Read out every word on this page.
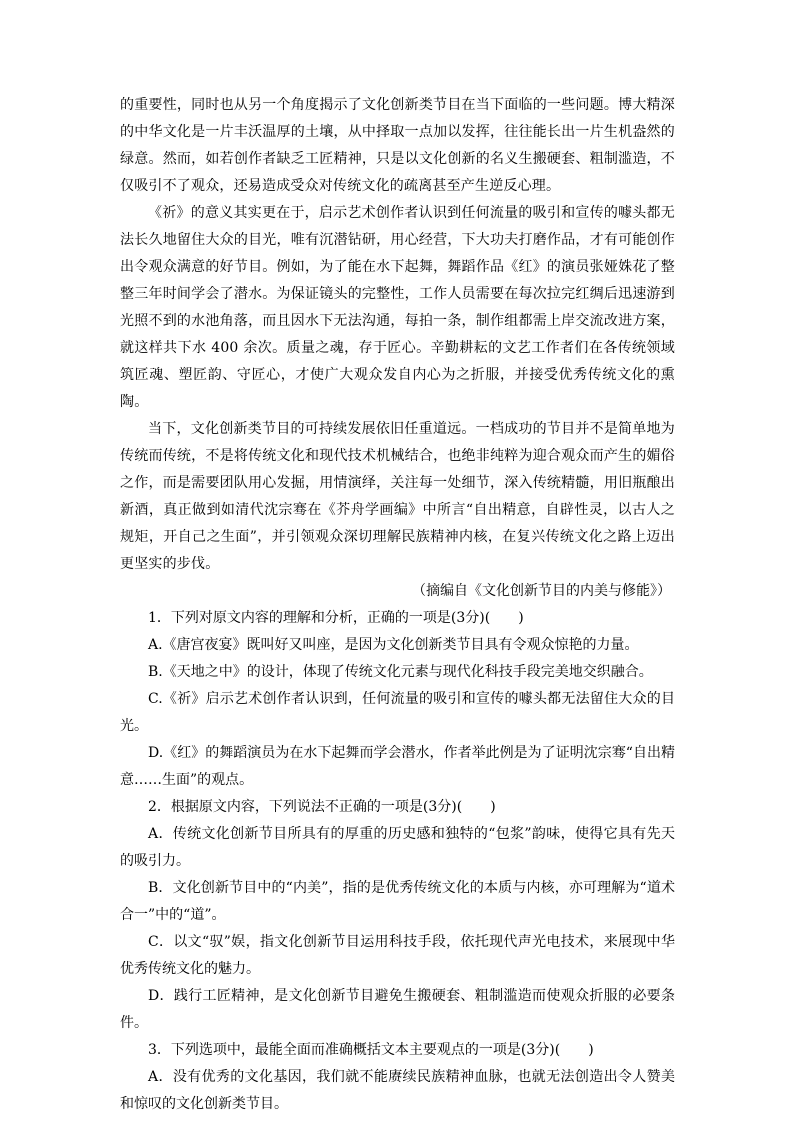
的重要性，同时也从另一个角度揭示了文化创新类节目在当下面临的一些问题。博大精深的中华文化是一片丰沃温厚的土壤，从中择取一点加以发挥，往往能长出一片生机盎然的绿意。然而，如若创作者缺乏工匠精神，只是以文化创新的名义生搬硬套、粗制滥造，不仅吸引不了观众，还易造成受众对传统文化的疏离甚至产生逆反心理。

《祈》的意义其实更在于，启示艺术创作者认识到任何流量的吸引和宣传的噱头都无法长久地留住大众的目光，唯有沉潜钻研，用心经营，下大功夫打磨作品，才有可能创作出令观众满意的好节目。例如，为了能在水下起舞，舞蹈作品《红》的演员张娅姝花了整整三年时间学会了潜水。为保证镜头的完整性，工作人员需要在每次拉完红绸后迅速游到光照不到的水池角落，而且因水下无法沟通，每拍一条，制作组都需上岸交流改进方案，就这样共下水 400 余次。质量之魂，存于匠心。辛勤耕耘的文艺工作者们在各传统领域筑匠魂、塑匠韵、守匠心，才使广大观众发自内心为之折服，并接受优秀传统文化的熏陶。

当下，文化创新类节目的可持续发展依旧任重道远。一档成功的节目并不是简单地为传统而传统，不是将传统文化和现代技术机械结合，也绝非纯粹为迎合观众而产生的媚俗之作，而是需要团队用心发掘，用情演绎，关注每一处细节，深入传统精髓，用旧瓶酿出新酒，真正做到如清代沈宗骞在《芥舟学画编》中所言“自出精意，自辟性灵，以古人之规矩，开自己之生面”，并引领观众深切理解民族精神内核，在复兴传统文化之路上迈出更坚实的步伐。

（摘编自《文化创新节目的内美与修能》）

1．下列对原文内容的理解和分析，正确的一项是(3分)(　　)

A.《唐宫夜宴》既叫好又叫座，是因为文化创新类节目具有令观众惊艳的力量。

B.《天地之中》的设计，体现了传统文化元素与现代化科技手段完美地交织融合。

C.《祈》启示艺术创作者认识到，任何流量的吸引和宣传的噱头都无法留住大众的目光。

D.《红》的舞蹈演员为在水下起舞而学会潜水，作者举此例是为了证明沈宗骞“自出精意……生面”的观点。

2．根据原文内容，下列说法不正确的一项是(3分)(　　)

A．传统文化创新节目所具有的厚重的历史感和独特的“包浆”韵味，使得它具有先天的吸引力。

B．文化创新节目中的“内美”，指的是优秀传统文化的本质与内核，亦可理解为“道术合一”中的“道”。

C．以文“驭”娱，指文化创新节目运用科技手段，依托现代声光电技术，来展现中华优秀传统文化的魅力。

D．践行工匠精神，是文化创新节目避免生搬硬套、粗制滥造而使观众折服的必要条件。

3．下列选项中，最能全面而准确概括文本主要观点的一项是(3分)(　　)

A．没有优秀的文化基因，我们就不能赓续民族精神血脉，也就无法创造出令人赞美和惊叹的文化创新类节目。
